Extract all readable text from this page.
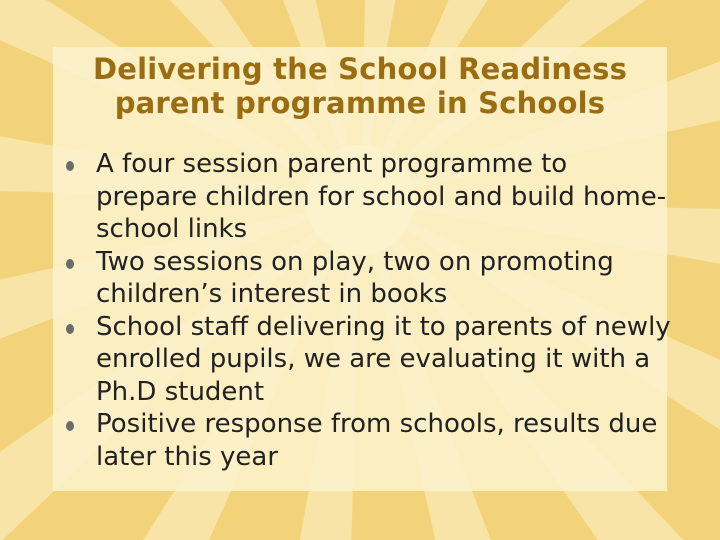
Delivering the School Readiness
parent programme in Schools
A four session parent programme to prepare children for school and build home-school links
Two sessions on play, two on promoting children’s interest in books
School staff delivering it to parents of newly enrolled pupils, we are evaluating it with a Ph.D student
Positive response from schools, results due later this year
